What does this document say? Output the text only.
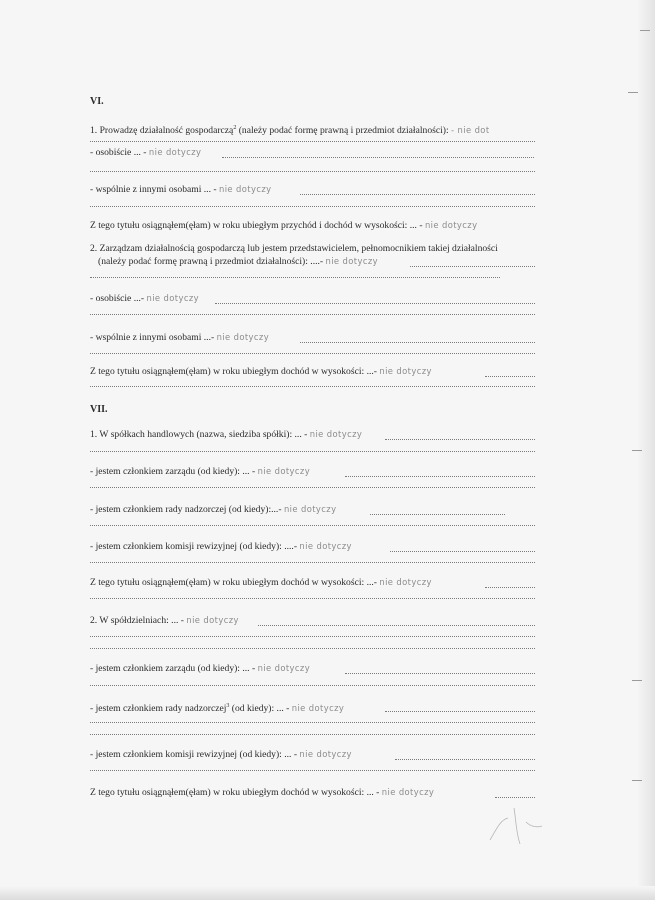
VI.
1. Prowadzę działalność gospodarczą$^2$ (należy podać formę prawną i przedmiot działalności): - nie dot
- osobiście ... - nie dotyczy
- wspólnie z innymi osobami ... - nie dotyczy
Z tego tytułu osiągnąłem(ęłam) w roku ubiegłym przychód i dochód w wysokości: ... - nie dotyczy
2. Zarządzam działalnością gospodarczą lub jestem przedstawicielem, pełnomocnikiem takiej działalności
(należy podać formę prawną i przedmiot działalności): ....- nie dotyczy
- osobiście ...- nie dotyczy
- wspólnie z innymi osobami ...- nie dotyczy
Z tego tytułu osiągnąłem(ęłam) w roku ubiegłym dochód w wysokości: ...- nie dotyczy
VII.
1. W spółkach handlowych (nazwa, siedziba spółki): ... - nie dotyczy
- jestem członkiem zarządu (od kiedy): ... - nie dotyczy
- jestem członkiem rady nadzorczej (od kiedy):...- nie dotyczy
- jestem członkiem komisji rewizyjnej (od kiedy): ....- nie dotyczy
Z tego tytułu osiągnąłem(ęłam) w roku ubiegłym dochód w wysokości: ...- nie dotyczy
2. W spółdzielniach: ... - nie dotyczy
- jestem członkiem zarządu (od kiedy): ... - nie dotyczy
- jestem członkiem rady nadzorczej$^3$ (od kiedy): ... - nie dotyczy
- jestem członkiem komisji rewizyjnej (od kiedy): ... - nie dotyczy
Z tego tytułu osiągnąłem(ęłam) w roku ubiegłym dochód w wysokości: ... - nie dotyczy
